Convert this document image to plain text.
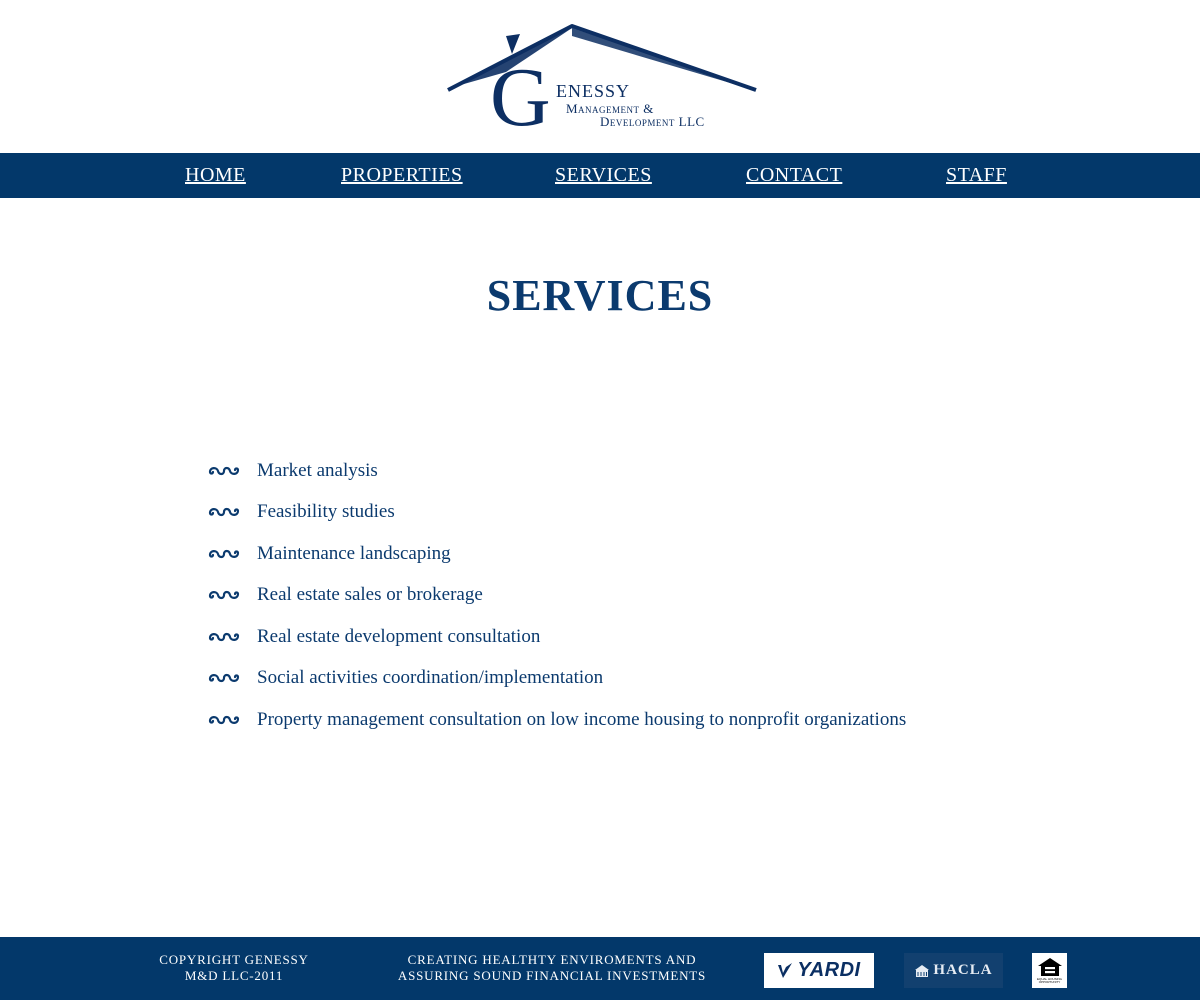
G enessy
Management &
Development LLC
HOME	PROPERTIES	SERVICES	CONTACT	STAFF
SERVICES
Market analysis
Feasibility studies
Maintenance landscaping
Real estate sales or brokerage
Real estate development consultation
Social activities coordination/implementation
Property management consultation on low income housing to nonprofit organizations
COPYRIGHT GENESSY M&D LLC-2011
CREATING HEALTHTY ENVIROMENTS AND ASSURING SOUND FINANCIAL INVESTMENTS	YARDI	HACLA
EQUAL HOUSING OPPORTUNITY
